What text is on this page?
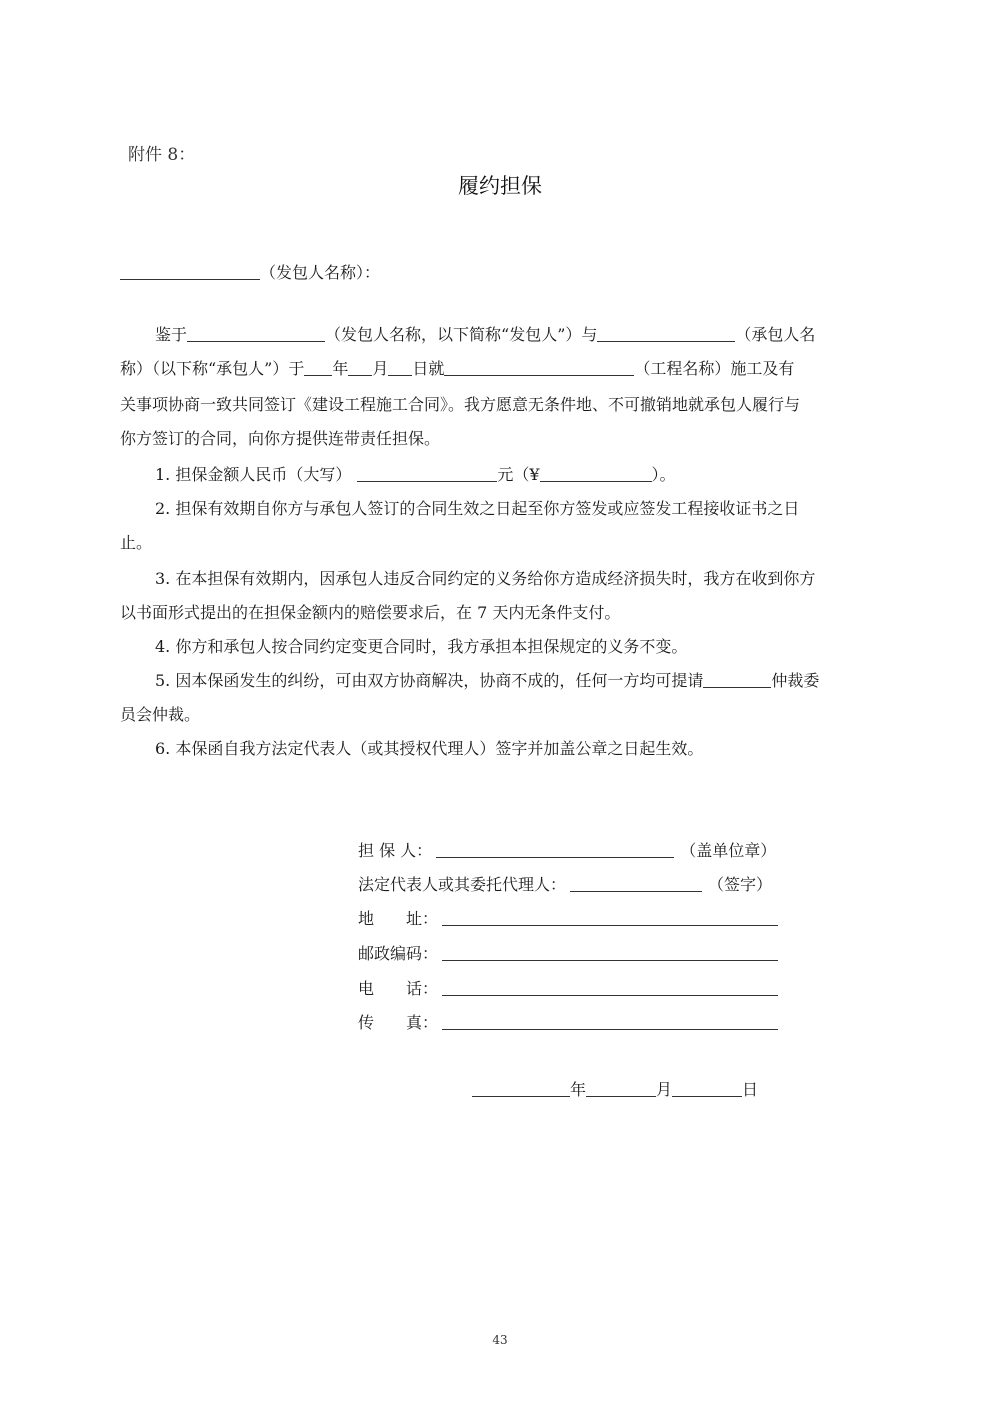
附件 8：
履约担保
（发包人名称）：
鉴于	（发包人名称，以下简称“发包人”）与	（承包人名
称）（以下称“承包人”）于 年 月 日就	（工程名称）施工及有
关事项协商一致共同签订《建设工程施工合同》。我方愿意无条件地、不可撤销地就承包人履行与
你方签订的合同，向你方提供连带责任担保。
1. 担保金额人民币（大写）	元（¥	）。
2. 担保有效期自你方与承包人签订的合同生效之日起至你方签发或应签发工程接收证书之日
止。
3. 在本担保有效期内，因承包人违反合同约定的义务给你方造成经济损失时，我方在收到你方
以书面形式提出的在担保金额内的赔偿要求后，在 7 天内无条件支付。
4. 你方和承包人按合同约定变更合同时，我方承担本担保规定的义务不变。
5. 因本保函发生的纠纷，可由双方协商解决，协商不成的，任何一方均可提请	仲裁委
员会仲裁。
6. 本保函自我方法定代表人（或其授权代理人）签字并加盖公章之日起生效。
担 保 人：	（盖单位章）
法定代表人或其委托代理人：	（签字）
地　　址：
邮政编码：
电　　话：
传　　真：
年	月	日
43
